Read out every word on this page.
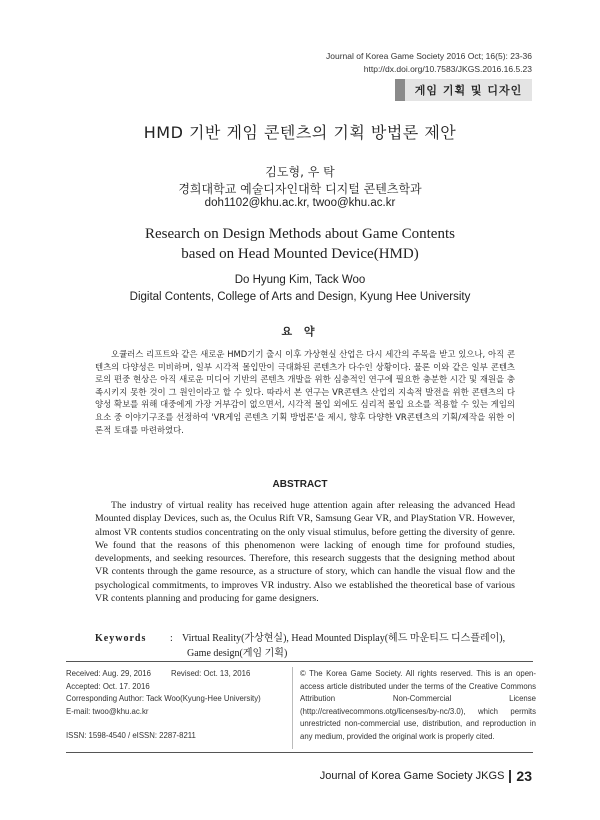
Journal of Korea Game Society 2016 Oct; 16(5): 23-36
http://dx.doi.org/10.7583/JKGS.2016.16.5.23
게임 기획 및 디자인
HMD 기반 게임 콘텐츠의 기획 방법론 제안
김도형, 우 탁
경희대학교 예술디자인대학 디지털 콘텐츠학과
doh1102@khu.ac.kr, twoo@khu.ac.kr
Research on Design Methods about Game Contents
based on Head Mounted Device(HMD)
Do Hyung Kim, Tack Woo
Digital Contents, College of Arts and Design, Kyung Hee University
요 약
오큘러스 리프트와 같은 새로운 HMD기기 출시 이후 가상현실 산업은 다시 세간의 주목을 받고 있으나, 아직 콘텐츠의 다양성은 미비하며, 일부 시각적 몰입만이 극대화된 콘텐츠가 다수인 상황이다. 물론 이와 같은 일부 콘텐츠로의 편중 현상은 아직 새로운 미디어 기반의 콘텐츠 개발을 위한 심층적인 연구에 필요한 충분한 시간 및 재원을 충족시키지 못한 것이 그 원인이라고 할 수 있다. 따라서 본 연구는 VR콘텐츠 산업의 지속적 발전을 위한 콘텐츠의 다양성 확보를 위해 대중에게 가장 거부감이 없으면서, 시각적 몰입 외에도 심리적 몰입 요소를 적용할 수 있는 게임의 요소 중 이야기구조를 선정하여 'VR게임 콘텐츠 기획 방법론'을 제시, 향후 다양한 VR콘텐츠의 기획/제작을 위한 이론적 토대를 마련하였다.
ABSTRACT
The industry of virtual reality has received huge attention again after releasing the advanced Head Mounted display Devices, such as, the Oculus Rift VR, Samsung Gear VR, and PlayStation VR. However, almost VR contents studios concentrating on the only visual stimulus, before getting the diversity of genre. We found that the reasons of this phenomenon were lacking of enough time for profound studies, developments, and seeking resources. Therefore, this research suggests that the designing method about VR contents through the game resource, as a structure of story, which can handle the visual flow and the psychological commitments, to improves VR industry. Also we established the theoretical base of various VR contents planning and producing for game designers.
Keywords : Virtual Reality(가상현실), Head Mounted Display(헤드 마운티드 디스플레이),
Game design(게임 기획)
Received: Aug. 29, 2016	Revised: Oct. 13, 2016
Accepted: Oct. 17. 2016
Corresponding Author: Tack Woo(Kyung-Hee University)
E-mail: twoo@khu.ac.kr
ISSN: 1598-4540 / eISSN: 2287-8211
© The Korea Game Society. All rights reserved. This is an open-access article distributed under the terms of the Creative Commons Attribution Non-Commercial License (http://creativecommons.otg/licenses/by-nc/3.0), which permits unrestricted non-commercial use, distribution, and reproduction in any medium, provided the original work is properly cited.
Journal of Korea Game Society JKGS 23
